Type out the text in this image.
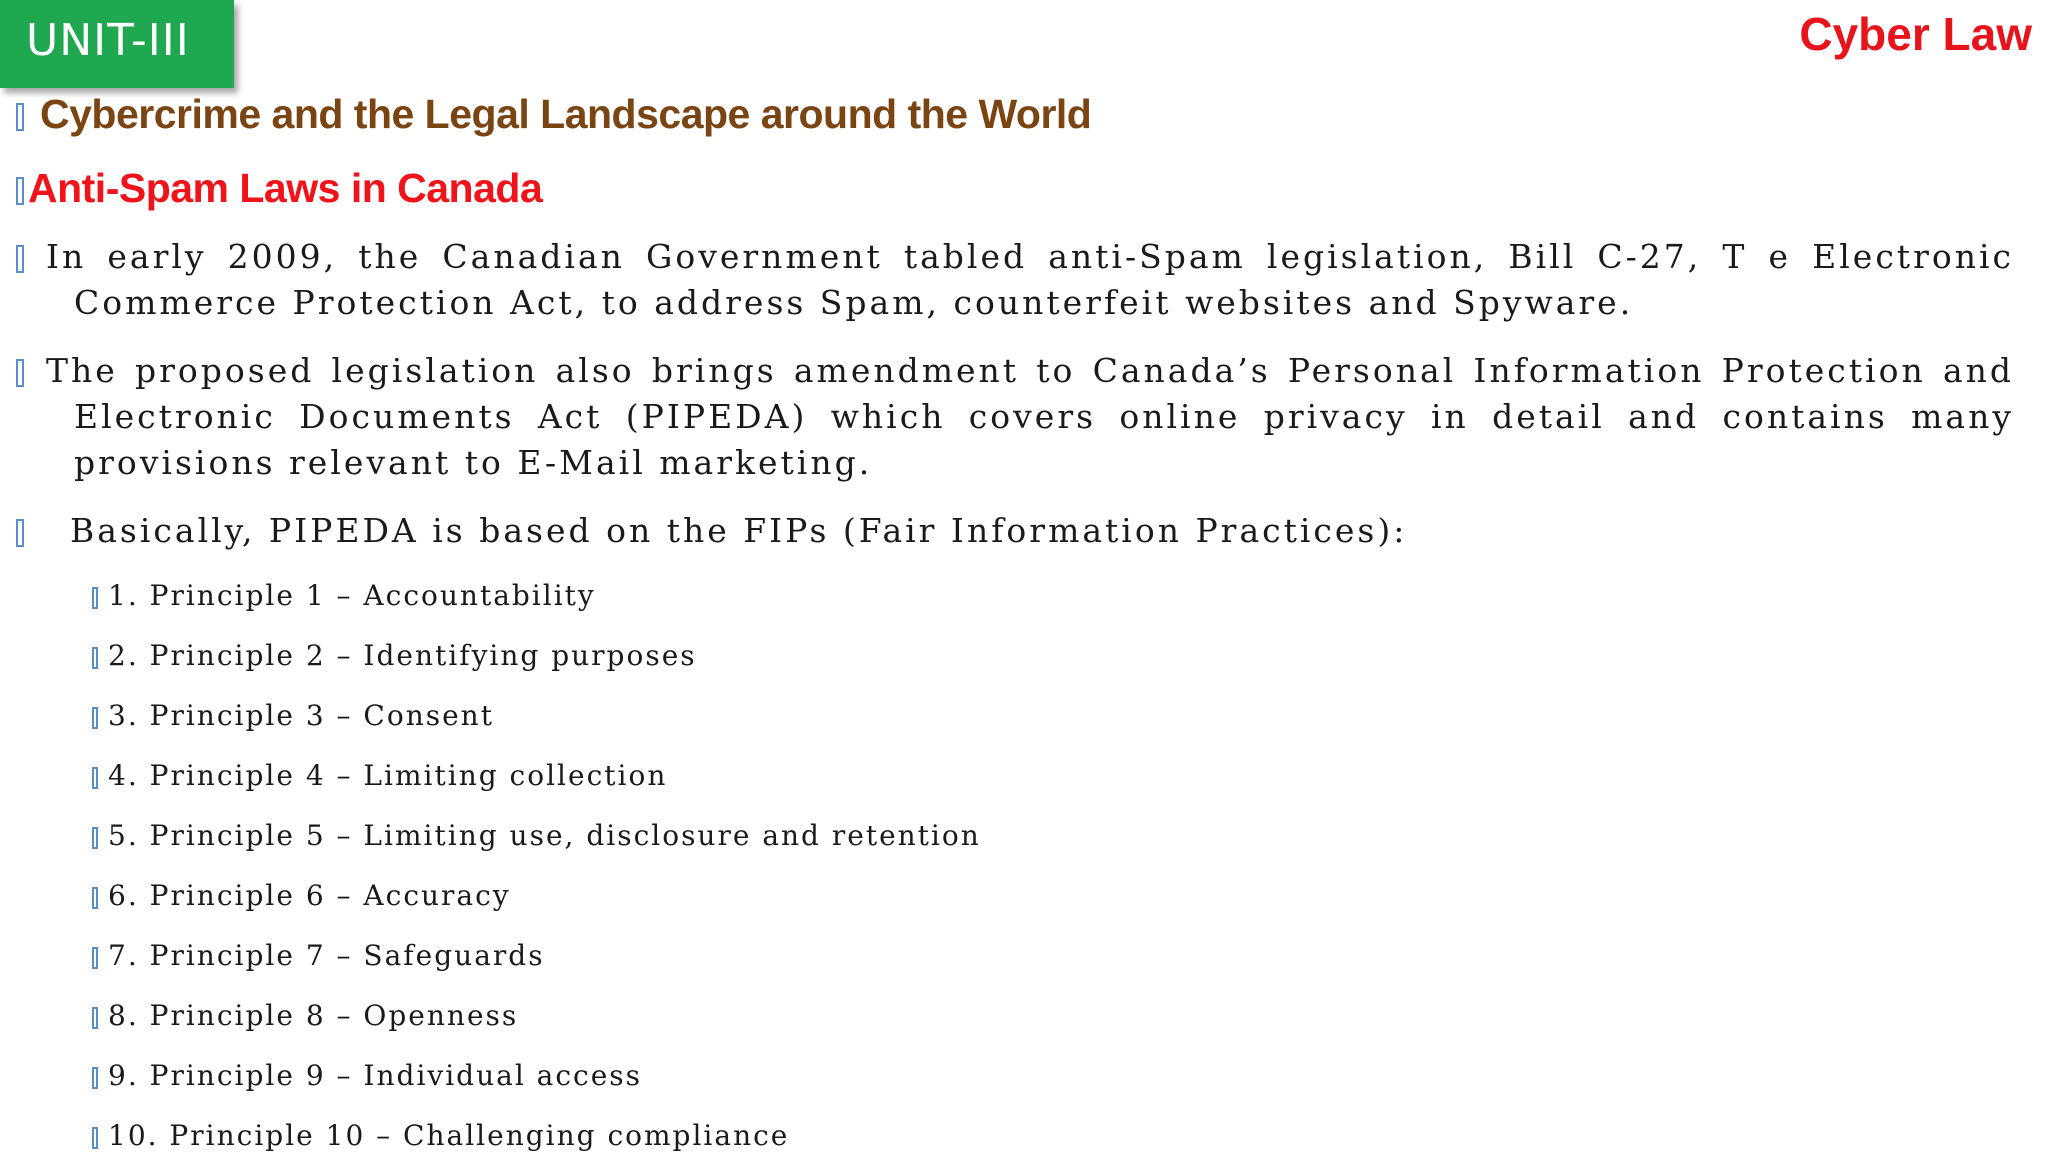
UNIT-III	Cyber Law
Cybercrime and the Legal Landscape around the World
Anti-Spam Laws in Canada
In early 2009, the Canadian Government tabled anti-Spam legislation, Bill C-27, T e Electronic Commerce Protection Act, to address Spam, counterfeit websites and Spyware.
The proposed legislation also brings amendment to Canada’s Personal Information Protection and Electronic Documents Act (PIPEDA) which covers online privacy in detail and contains many provisions relevant to E-Mail marketing.
Basically, PIPEDA is based on the FIPs (Fair Information Practices):
1. Principle 1 – Accountability
2. Principle 2 – Identifying purposes
3. Principle 3 – Consent
4. Principle 4 – Limiting collection
5. Principle 5 – Limiting use, disclosure and retention
6. Principle 6 – Accuracy
7. Principle 7 – Safeguards
8. Principle 8 – Openness
9. Principle 9 – Individual access
10. Principle 10 – Challenging compliance
